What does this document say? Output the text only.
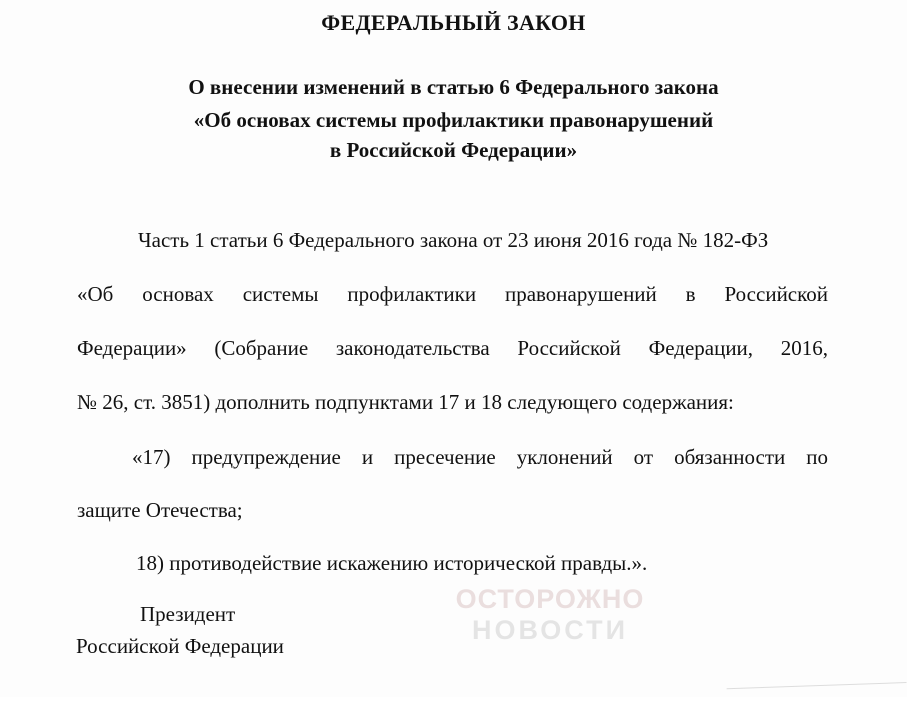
ФЕДЕРАЛЬНЫЙ ЗАКОН
О внесении изменений в статью 6 Федерального закона
«Об основах системы профилактики правонарушений
в Российской Федерации»
Часть 1 статьи 6 Федерального закона от 23 июня 2016 года № 182-ФЗ
«Об основах системы профилактики правонарушений в Российской
Федерации» (Собрание законодательства Российской Федерации, 2016,
№ 26, ст. 3851) дополнить подпунктами 17 и 18 следующего содержания:
«17) предупреждение и пресечение уклонений от обязанности по
защите Отечества;
18) противодействие искажению исторической правды.».
Президент
Российской Федерации
ОСТОРОЖНО
НОВОСТИ
